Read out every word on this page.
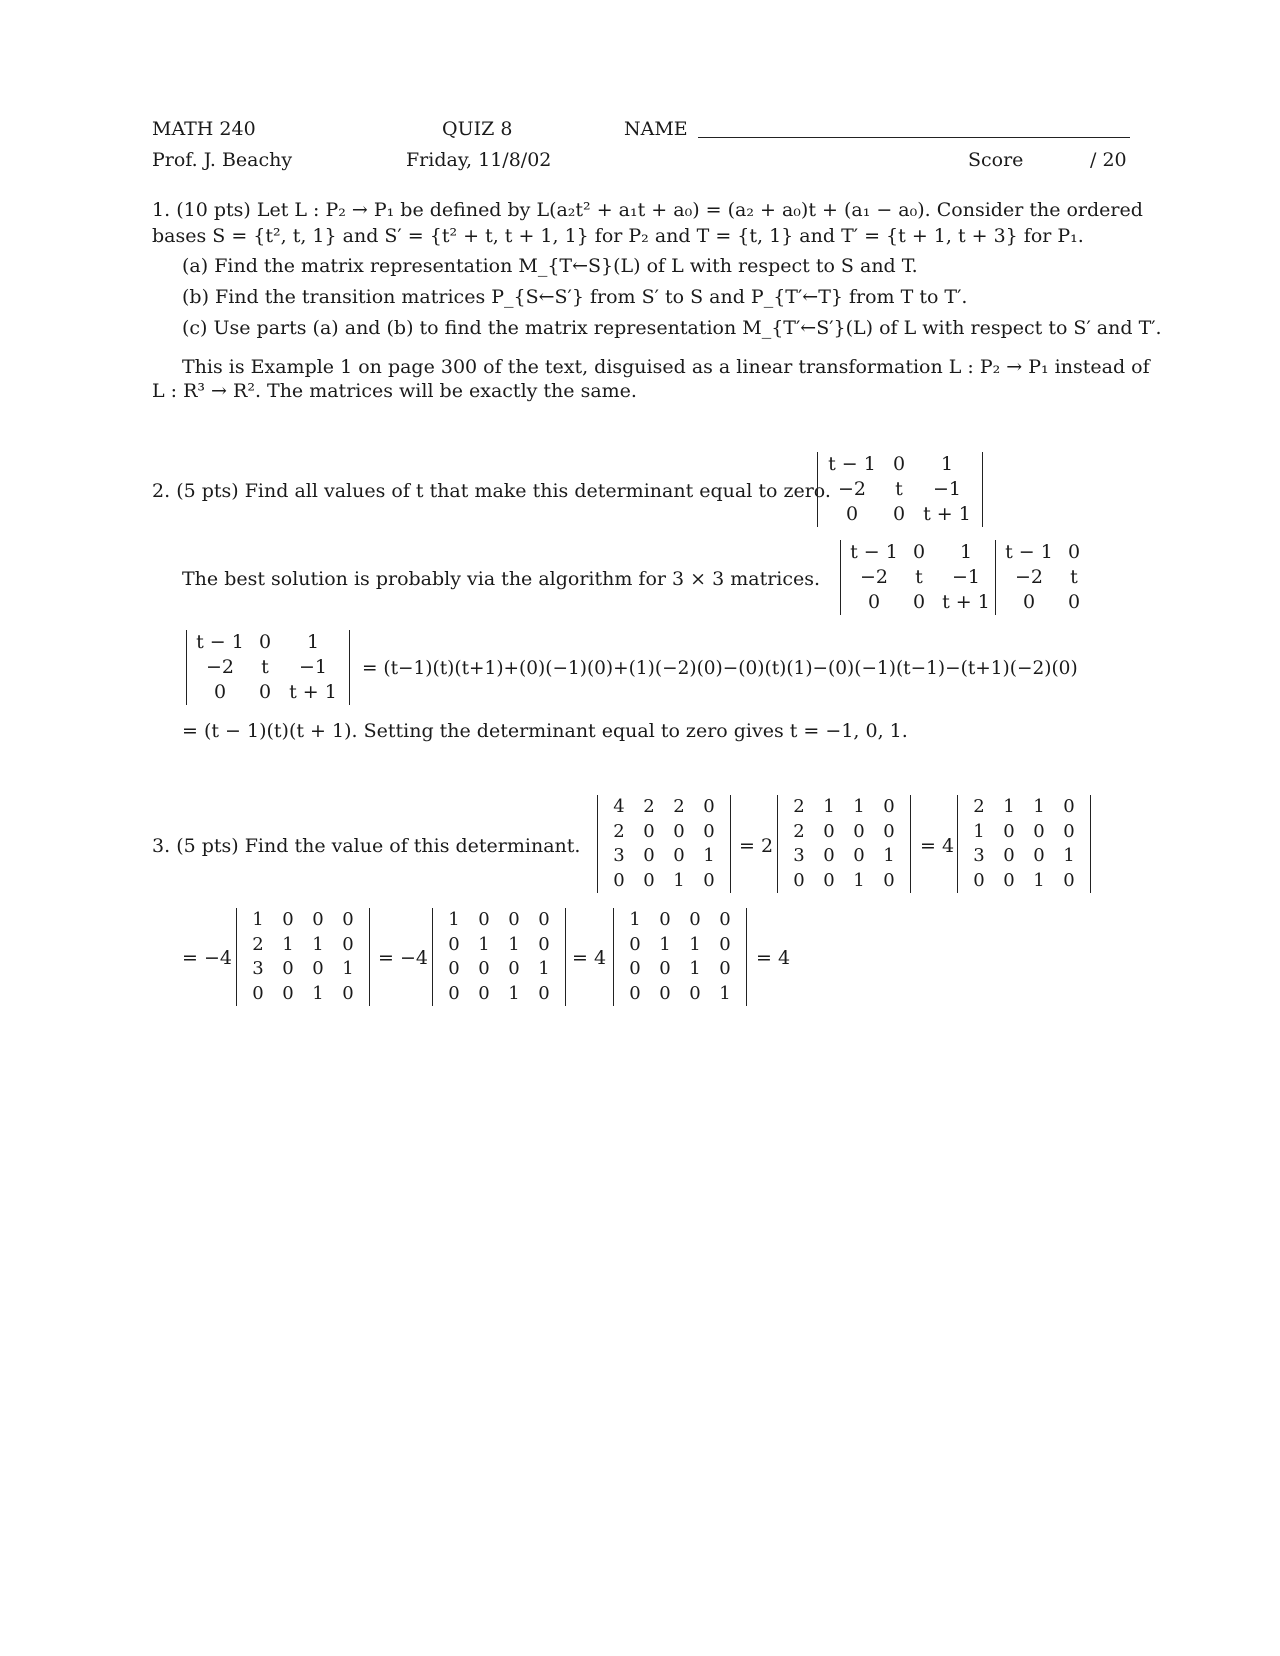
MATH 240
Prof. J. Beachy
QUIZ 8
Friday, 11/8/02
NAME
Score	/ 20
1. (10 pts) Let L : P₂ → P₁ be defined by L(a₂t² + a₁t + a₀) = (a₂ + a₀)t + (a₁ − a₀). Consider the ordered
bases S = {t², t, 1} and S′ = {t² + t, t + 1, 1} for P₂ and T = {t, 1} and T′ = {t + 1, t + 3} for P₁.
(a) Find the matrix representation M_{T←S}(L) of L with respect to S and T.
(b) Find the transition matrices P_{S←S′} from S′ to S and P_{T′←T} from T to T′.
(c) Use parts (a) and (b) to find the matrix representation M_{T′←S′}(L) of L with respect to S′ and T′.
This is Example 1 on page 300 of the text, disguised as a linear transformation L : P₂ → P₁ instead of
L : R³ → R². The matrices will be exactly the same.
2. (5 pts) Find all values of t that make this determinant equal to zero.
t − 1	0	1
−2	t	−1
0	0	t + 1
The best solution is probably via the algorithm for 3 × 3 matrices.
t − 1	0	1		t − 1	0
−2	t	−1		−2	t
0	0	t + 1		0	0
t − 1	0	1
−2	t	−1
0	0	t + 1
= (t−1)(t)(t+1)+(0)(−1)(0)+(1)(−2)(0)−(0)(t)(1)−(0)(−1)(t−1)−(t+1)(−2)(0)
= (t − 1)(t)(t + 1). Setting the determinant equal to zero gives t = −1, 0, 1.
3. (5 pts) Find the value of this determinant.
4	2	2	0
2	0	0	0
3	0	0	1
0	0	1	0
= 2
2	1	1	0
2	0	0	0
3	0	0	1
0	0	1	0
= 4
2	1	1	0
1	0	0	0
3	0	0	1
0	0	1	0
= −4
1	0	0	0
2	1	1	0
3	0	0	1
0	0	1	0
= −4
1	0	0	0
0	1	1	0
0	0	0	1
0	0	1	0
= 4
1	0	0	0
0	1	1	0
0	0	1	0
0	0	0	1
= 4
